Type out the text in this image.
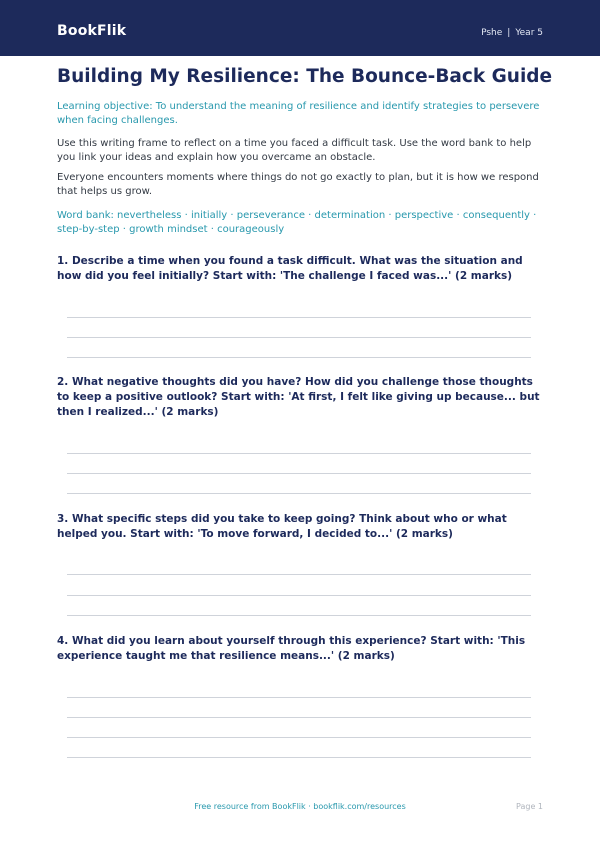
BookFlik	Pshe | Year 5
Building My Resilience: The Bounce-Back Guide

Learning objective: To understand the meaning of resilience and identify strategies to persevere when facing challenges.

Use this writing frame to reflect on a time you faced a difficult task. Use the word bank to help you link your ideas and explain how you overcame an obstacle.

Everyone encounters moments where things do not go exactly to plan, but it is how we respond that helps us grow.

Word bank: nevertheless · initially · perseverance · determination · perspective · consequently · step-by-step · growth mindset · courageously

1. Describe a time when you found a task difficult. What was the situation and how did you feel initially? Start with: 'The challenge I faced was...' (2 marks)

2. What negative thoughts did you have? How did you challenge those thoughts to keep a positive outlook? Start with: 'At first, I felt like giving up because... but then I realized...' (2 marks)

3. What specific steps did you take to keep going? Think about who or what helped you. Start with: 'To move forward, I decided to...' (2 marks)

4. What did you learn about yourself through this experience? Start with: 'This experience taught me that resilience means...' (2 marks)

Free resource from BookFlik · bookflik.com/resources	Page 1
